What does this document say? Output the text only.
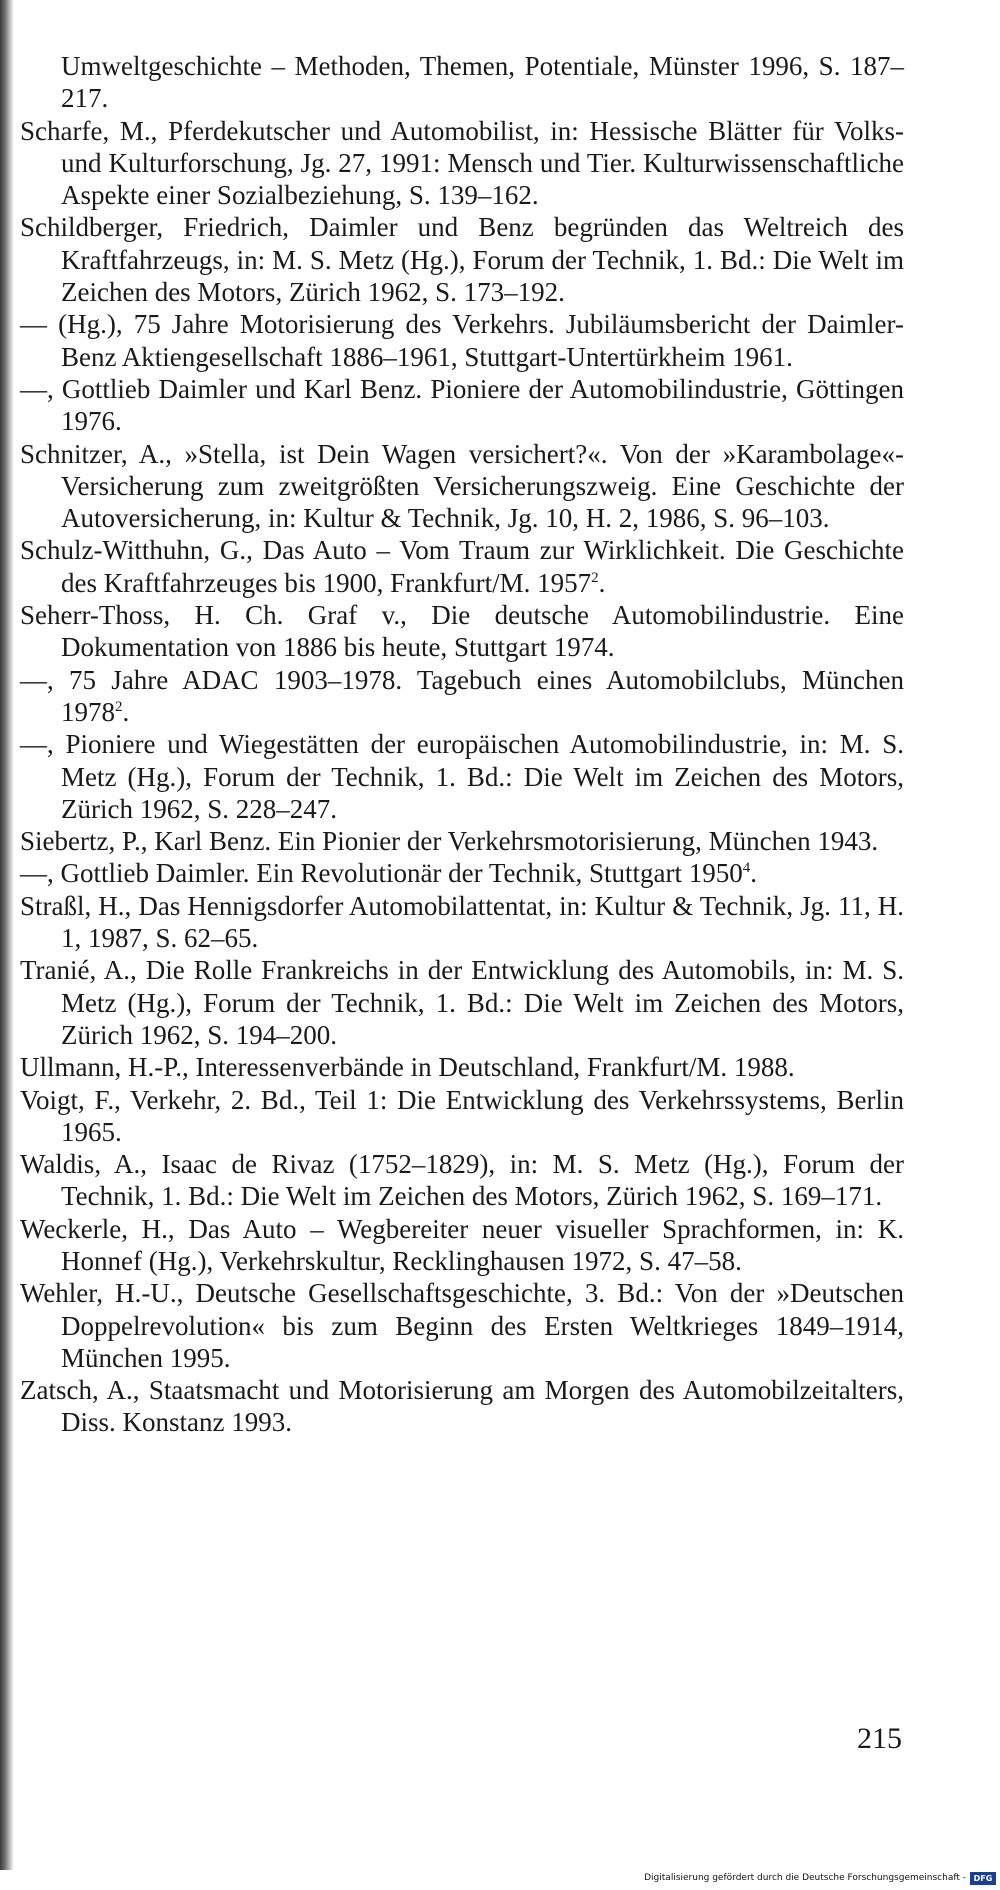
Umweltgeschichte – Methoden, Themen, Potentiale, Münster 1996, S. 187–217.
Scharfe, M., Pferdekutscher und Automobilist, in: Hessische Blätter für Volks- und Kulturforschung, Jg. 27, 1991: Mensch und Tier. Kulturwissenschaftliche Aspekte einer Sozialbeziehung, S. 139–162.
Schildberger, Friedrich, Daimler und Benz begründen das Weltreich des Kraftfahrzeugs, in: M. S. Metz (Hg.), Forum der Technik, 1. Bd.: Die Welt im Zeichen des Motors, Zürich 1962, S. 173–192.
— (Hg.), 75 Jahre Motorisierung des Verkehrs. Jubiläumsbericht der Daimler-Benz Aktiengesellschaft 1886–1961, Stuttgart-Untertürkheim 1961.
—, Gottlieb Daimler und Karl Benz. Pioniere der Automobilindustrie, Göttingen 1976.
Schnitzer, A., »Stella, ist Dein Wagen versichert?«. Von der »Karambolage«-Versicherung zum zweitgrößten Versicherungszweig. Eine Geschichte der Autoversicherung, in: Kultur & Technik, Jg. 10, H. 2, 1986, S. 96–103.
Schulz-Witthuhn, G., Das Auto – Vom Traum zur Wirklichkeit. Die Geschichte des Kraftfahrzeuges bis 1900, Frankfurt/M. 1957$^2$.
Seherr-Thoss, H. Ch. Graf v., Die deutsche Automobilindustrie. Eine Dokumentation von 1886 bis heute, Stuttgart 1974.
—, 75 Jahre ADAC 1903–1978. Tagebuch eines Automobilclubs, München 1978$^2$.
—, Pioniere und Wiegestätten der europäischen Automobilindustrie, in: M. S. Metz (Hg.), Forum der Technik, 1. Bd.: Die Welt im Zeichen des Motors, Zürich 1962, S. 228–247.
Siebertz, P., Karl Benz. Ein Pionier der Verkehrsmotorisierung, München 1943.
—, Gottlieb Daimler. Ein Revolutionär der Technik, Stuttgart 1950$^4$.
Straßl, H., Das Hennigsdorfer Automobilattentat, in: Kultur & Technik, Jg. 11, H. 1, 1987, S. 62–65.
Tranié, A., Die Rolle Frankreichs in der Entwicklung des Automobils, in: M. S. Metz (Hg.), Forum der Technik, 1. Bd.: Die Welt im Zeichen des Motors, Zürich 1962, S. 194–200.
Ullmann, H.-P., Interessenverbände in Deutschland, Frankfurt/M. 1988.
Voigt, F., Verkehr, 2. Bd., Teil 1: Die Entwicklung des Verkehrssystems, Berlin 1965.
Waldis, A., Isaac de Rivaz (1752–1829), in: M. S. Metz (Hg.), Forum der Technik, 1. Bd.: Die Welt im Zeichen des Motors, Zürich 1962, S. 169–171.
Weckerle, H., Das Auto – Wegbereiter neuer visueller Sprachformen, in: K. Honnef (Hg.), Verkehrskultur, Recklinghausen 1972, S. 47–58.
Wehler, H.-U., Deutsche Gesellschaftsgeschichte, 3. Bd.: Von der »Deutschen Doppelrevolution« bis zum Beginn des Ersten Weltkrieges 1849–1914, München 1995.
Zatsch, A., Staatsmacht und Motorisierung am Morgen des Automobilzeitalters, Diss. Konstanz 1993.

215

Digitalisierung gefördert durch die Deutsche Forschungsgemeinschaft - DFG
